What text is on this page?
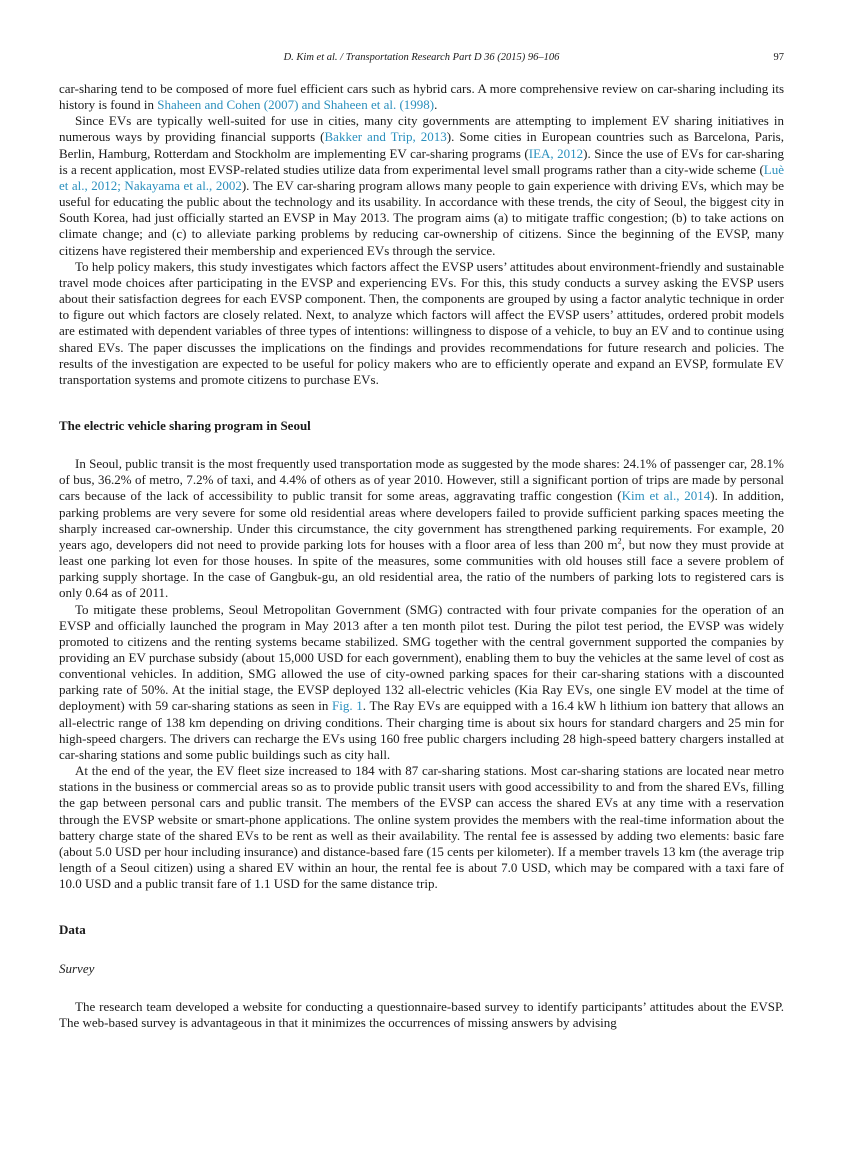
D. Kim et al. / Transportation Research Part D 36 (2015) 96–106	97

car-sharing tend to be composed of more fuel efficient cars such as hybrid cars. A more comprehensive review on car-sharing including its history is found in Shaheen and Cohen (2007) and Shaheen et al. (1998).

Since EVs are typically well-suited for use in cities, many city governments are attempting to implement EV sharing initiatives in numerous ways by providing financial supports (Bakker and Trip, 2013). Some cities in European countries such as Barcelona, Paris, Berlin, Hamburg, Rotterdam and Stockholm are implementing EV car-sharing programs (IEA, 2012). Since the use of EVs for car-sharing is a recent application, most EVSP-related studies utilize data from experimental level small programs rather than a city-wide scheme (Luè et al., 2012; Nakayama et al., 2002). The EV car-sharing program allows many people to gain experience with driving EVs, which may be useful for educating the public about the technology and its usability. In accordance with these trends, the city of Seoul, the biggest city in South Korea, had just officially started an EVSP in May 2013. The program aims (a) to mitigate traffic congestion; (b) to take actions on climate change; and (c) to alleviate parking problems by reducing car-ownership of citizens. Since the beginning of the EVSP, many citizens have registered their membership and experienced EVs through the service.

To help policy makers, this study investigates which factors affect the EVSP users’ attitudes about environment-friendly and sustainable travel mode choices after participating in the EVSP and experiencing EVs. For this, this study conducts a survey asking the EVSP users about their satisfaction degrees for each EVSP component. Then, the components are grouped by using a factor analytic technique in order to figure out which factors are closely related. Next, to analyze which factors will affect the EVSP users’ attitudes, ordered probit models are estimated with dependent variables of three types of intentions: willingness to dispose of a vehicle, to buy an EV and to continue using shared EVs. The paper discusses the implications on the findings and provides recommendations for future research and policies. The results of the investigation are expected to be useful for policy makers who are to efficiently operate and expand an EVSP, formulate EV transportation systems and promote citizens to purchase EVs.

The electric vehicle sharing program in Seoul

In Seoul, public transit is the most frequently used transportation mode as suggested by the mode shares: 24.1% of passenger car, 28.1% of bus, 36.2% of metro, 7.2% of taxi, and 4.4% of others as of year 2010. However, still a significant portion of trips are made by personal cars because of the lack of accessibility to public transit for some areas, aggravating traffic congestion (Kim et al., 2014). In addition, parking problems are very severe for some old residential areas where developers failed to provide sufficient parking spaces meeting the sharply increased car-ownership. Under this circumstance, the city government has strengthened parking requirements. For example, 20 years ago, developers did not need to provide parking lots for houses with a floor area of less than 200 $m^2$, but now they must provide at least one parking lot even for those houses. In spite of the measures, some communities with old houses still face a severe problem of parking supply shortage. In the case of Gangbuk-gu, an old residential area, the ratio of the numbers of parking lots to registered cars is only 0.64 as of 2011.

To mitigate these problems, Seoul Metropolitan Government (SMG) contracted with four private companies for the operation of an EVSP and officially launched the program in May 2013 after a ten month pilot test. During the pilot test period, the EVSP was widely promoted to citizens and the renting systems became stabilized. SMG together with the central government supported the companies by providing an EV purchase subsidy (about 15,000 USD for each government), enabling them to buy the vehicles at the same level of cost as conventional vehicles. In addition, SMG allowed the use of city-owned parking spaces for their car-sharing stations with a discounted parking rate of 50%. At the initial stage, the EVSP deployed 132 all-electric vehicles (Kia Ray EVs, one single EV model at the time of deployment) with 59 car-sharing stations as seen in Fig. 1. The Ray EVs are equipped with a 16.4 kW h lithium ion battery that allows an all-electric range of 138 km depending on driving conditions. Their charging time is about six hours for standard chargers and 25 min for high-speed chargers. The drivers can recharge the EVs using 160 free public chargers including 28 high-speed battery chargers installed at car-sharing stations and some public buildings such as city hall.

At the end of the year, the EV fleet size increased to 184 with 87 car-sharing stations. Most car-sharing stations are located near metro stations in the business or commercial areas so as to provide public transit users with good accessibility to and from the shared EVs, filling the gap between personal cars and public transit. The members of the EVSP can access the shared EVs at any time with a reservation through the EVSP website or smart-phone applications. The online system provides the members with the real-time information about the battery charge state of the shared EVs to be rent as well as their availability. The rental fee is assessed by adding two elements: basic fare (about 5.0 USD per hour including insurance) and distance-based fare (15 cents per kilometer). If a member travels 13 km (the average trip length of a Seoul citizen) using a shared EV within an hour, the rental fee is about 7.0 USD, which may be compared with a taxi fare of 10.0 USD and a public transit fare of 1.1 USD for the same distance trip.

Data
Survey

The research team developed a website for conducting a questionnaire-based survey to identify participants’ attitudes about the EVSP. The web-based survey is advantageous in that it minimizes the occurrences of missing answers by advising
